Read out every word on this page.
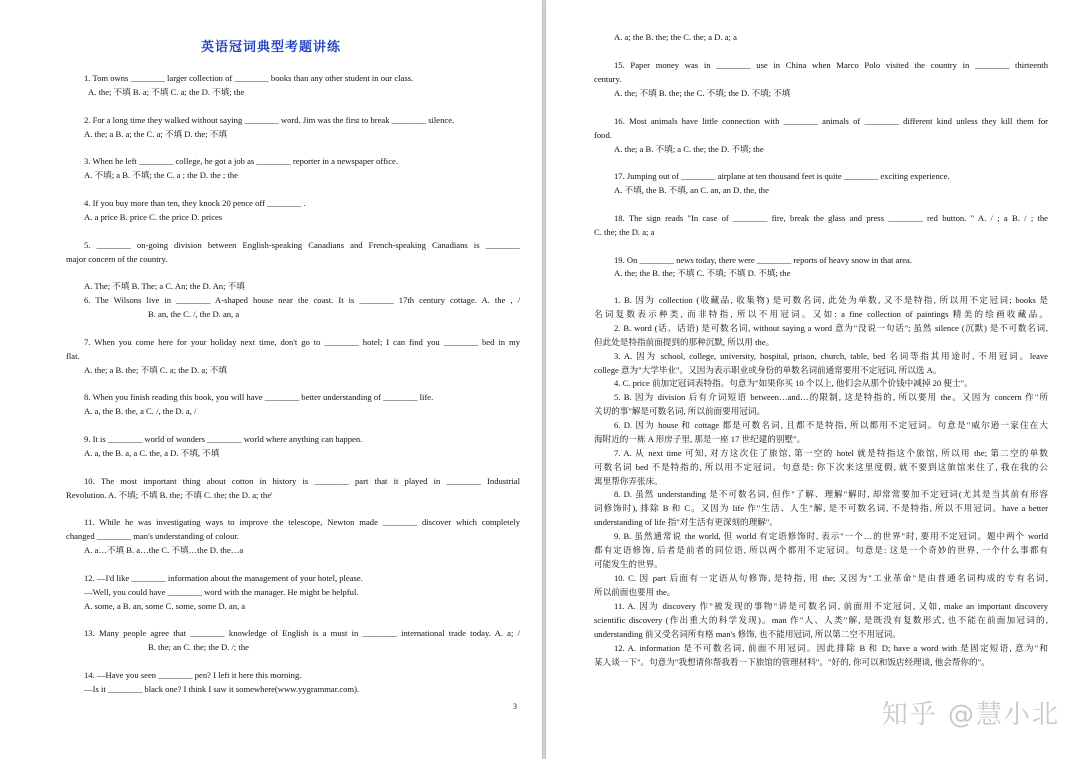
英语冠词典型考题讲练
1. Tom owns ________ larger collection of ________ books than any other student in our class.
A. the; 不填 B. a; 不填 C. a; the D. 不填; the
2. For a long time they walked without saying ________ word. Jim was the first to break ________ silence.
A. the; a B. a; the C. a; 不填 D. the; 不填
3. When he left ________ college, he got a job as ________ reporter in a newspaper office.
A. 不填; a B. 不填; the C. a ; the D. the ; the
4. If you buy more than ten, they knock 20 pence off ________ .
A. a price B. price C. the price D. prices
5. ________ on-going division between English-speaking Canadians and French-speaking Canadians is ________
major concern of the country.
A. The; 不填 B. The; a C. An; the D. An; 不填
6. The Wilsons live in ________ A-shaped house near the coast. It is ________ 17th century cottage. A. the , /
B. an, the C. /, the D. an, a
7. When you come here for your holiday next time, don't go to ________ hotel; I can find you ________ bed in my
flat.
A. the; a B. the; 不填 C. a; the D. a; 不填
8. When you finish reading this book, you will have ________ better understanding of ________ life.
A. a, the B. the, a C. /, the D. a, /
9. It is ________ world of wonders ________ world where anything can happen.
A. a, the B. a, a C. the, a D. 不填, 不填
10. The most important thing about cotton in history is ________ part that it played in ________ Industrial
Revolution. A. 不填; 不填 B. the; 不填 C. the; the D. a; the'
11. While he was investigating ways to improve the telescope, Newton made ________ discover which completely
changed ________ man's understanding of colour.
A. a…不填 B. a…the C. 不填…the D. the…a
12. —I'd like ________ information about the management of your hotel, please.
—Well, you could have ________ word with the manager. He might be helpful.
A. some, a B. an, some C. some, some D. an, a
13. Many people agree that ________ knowledge of English is a must in ________ international trade today. A. a; /
B. the; an C. the; the D. /; the
14. —Have you seen ________ pen? I left it here this morning.
—Is it ________ black one? I think I saw it somewhere(www.yygrammar.com).
3
A. a; the B. the; the C. the; a D. a; a
15. Paper money was in ________ use in China when Marco Polo visited the country in ________ thirteenth
century.
A. the; 不填 B. the; the C. 不填; the D. 不填; 不填
16. Most animals have little connection with ________ animals of ________ different kind unless they kill them for
food.
A. the; a B. 不填; a C. the; the D. 不填; the
17. Jumping out of ________ airplane at ten thousand feet is quite ________ exciting experience.
A. 不填, the B. 不填, an C. an, an D. the, the
18. The sign reads "In case of ________ fire, break the glass and press ________ red button. " A. / ; a B. / ; the
C. the; the D. a; a
19. On ________ news today, there were ________ reports of heavy snow in that area.
A. the; the B. the; 不填 C. 不填; 不填 D. 不填; the
1. B. 因为 collection (收藏品, 收集物) 是可数名词, 此处为单数, 又不是特指, 所以用不定冠词; books 是
名词复数表示种类, 而非特指, 所以不用冠词。又如: a fine collection of paintings 精美的绘画收藏品。
2. B. word (话、话语) 是可数名词, without saying a word 意为"没说一句话"; 虽然 silence (沉默) 是不可数名词,
但此处是特指前面提到的那种沉默, 所以用 the。
3. A. 因为 school, college, university, hospital, prison, church, table, bed 名词等指其用途时, 不用冠词。leave
college 意为"大学毕业"。又因为表示职业或身份的单数名词前通常要用不定冠词, 所以选 A。
4. C. price 前加定冠词表特指。句意为"如果你买 10 个以上, 他们会从那个价钱中减掉 20 便士"。
5. B. 因为 division 后有介词短语 between…and…的限制, 这是特指的, 所以要用 the。又因为 concern 作"所
关切的事"解是可数名词, 所以前面要用冠词。
6. D. 因为 house 和 cottage 都是可数名词, 且都不是特指, 所以都用不定冠词。句意是"威尔逊一家住在大
海附近的一栋 A 形房子里, 那是一座 17 世纪建的别墅"。
7. A. 从 next time 可知, 对方这次住了旅馆, 第一空的 hotel 就是特指这个旅馆, 所以用 the; 第二空的单数
可数名词 bed 不是特指的, 所以用不定冠词。句意是: 你下次来这里度假, 就不要到这旅馆来住了, 我在我的公
寓里帮你弄张床。
8. D. 虽然 understanding 是不可数名词, 但作"了解、理解"解时, 却常常要加不定冠词(尤其是当其前有形容
词修饰时), 排除 B 和 C。又因为 life 作"生活、人生"解, 是不可数名词, 不是特指, 所以不用冠词。have a better
understanding of life 指"对生活有更深刻的理解"。
9. B. 虽然通常说 the world, 但 world 有定语修饰时, 表示"一个…的世界"时, 要用不定冠词。题中两个 world
都有定语修饰, 后者是前者的同位语, 所以两个都用不定冠词。句意是: 这是一个奇妙的世界, 一个什么事都有
可能发生的世界。
10. C. 因 part 后面有一定语从句修饰, 是特指, 用 the; 又因为"工业革命"是由普通名词构成的专有名词,
所以前面也要用 the。
11. A. 因为 discovery 作"被发现的事物"讲是可数名词, 前面用不定冠词, 又如, make an important discovery
scientific discovery (作出重大的科学发现)。man 作"人、人类"解, 是既没有复数形式, 也不能在前面加冠词的,
understanding 前又受名词所有格 man's 修饰, 也不能用冠词, 所以第二空不用冠词。
12. A. information 是不可数名词, 前面不用冠词。因此排除 B 和 D; have a word with 是固定短语, 意为"和
某人谈一下"。句意为"我想请你帮我看一下旅馆的管理材料"。"好的, 你可以和饭店经理谈, 他会帮你的"。
知乎 @慧小北
